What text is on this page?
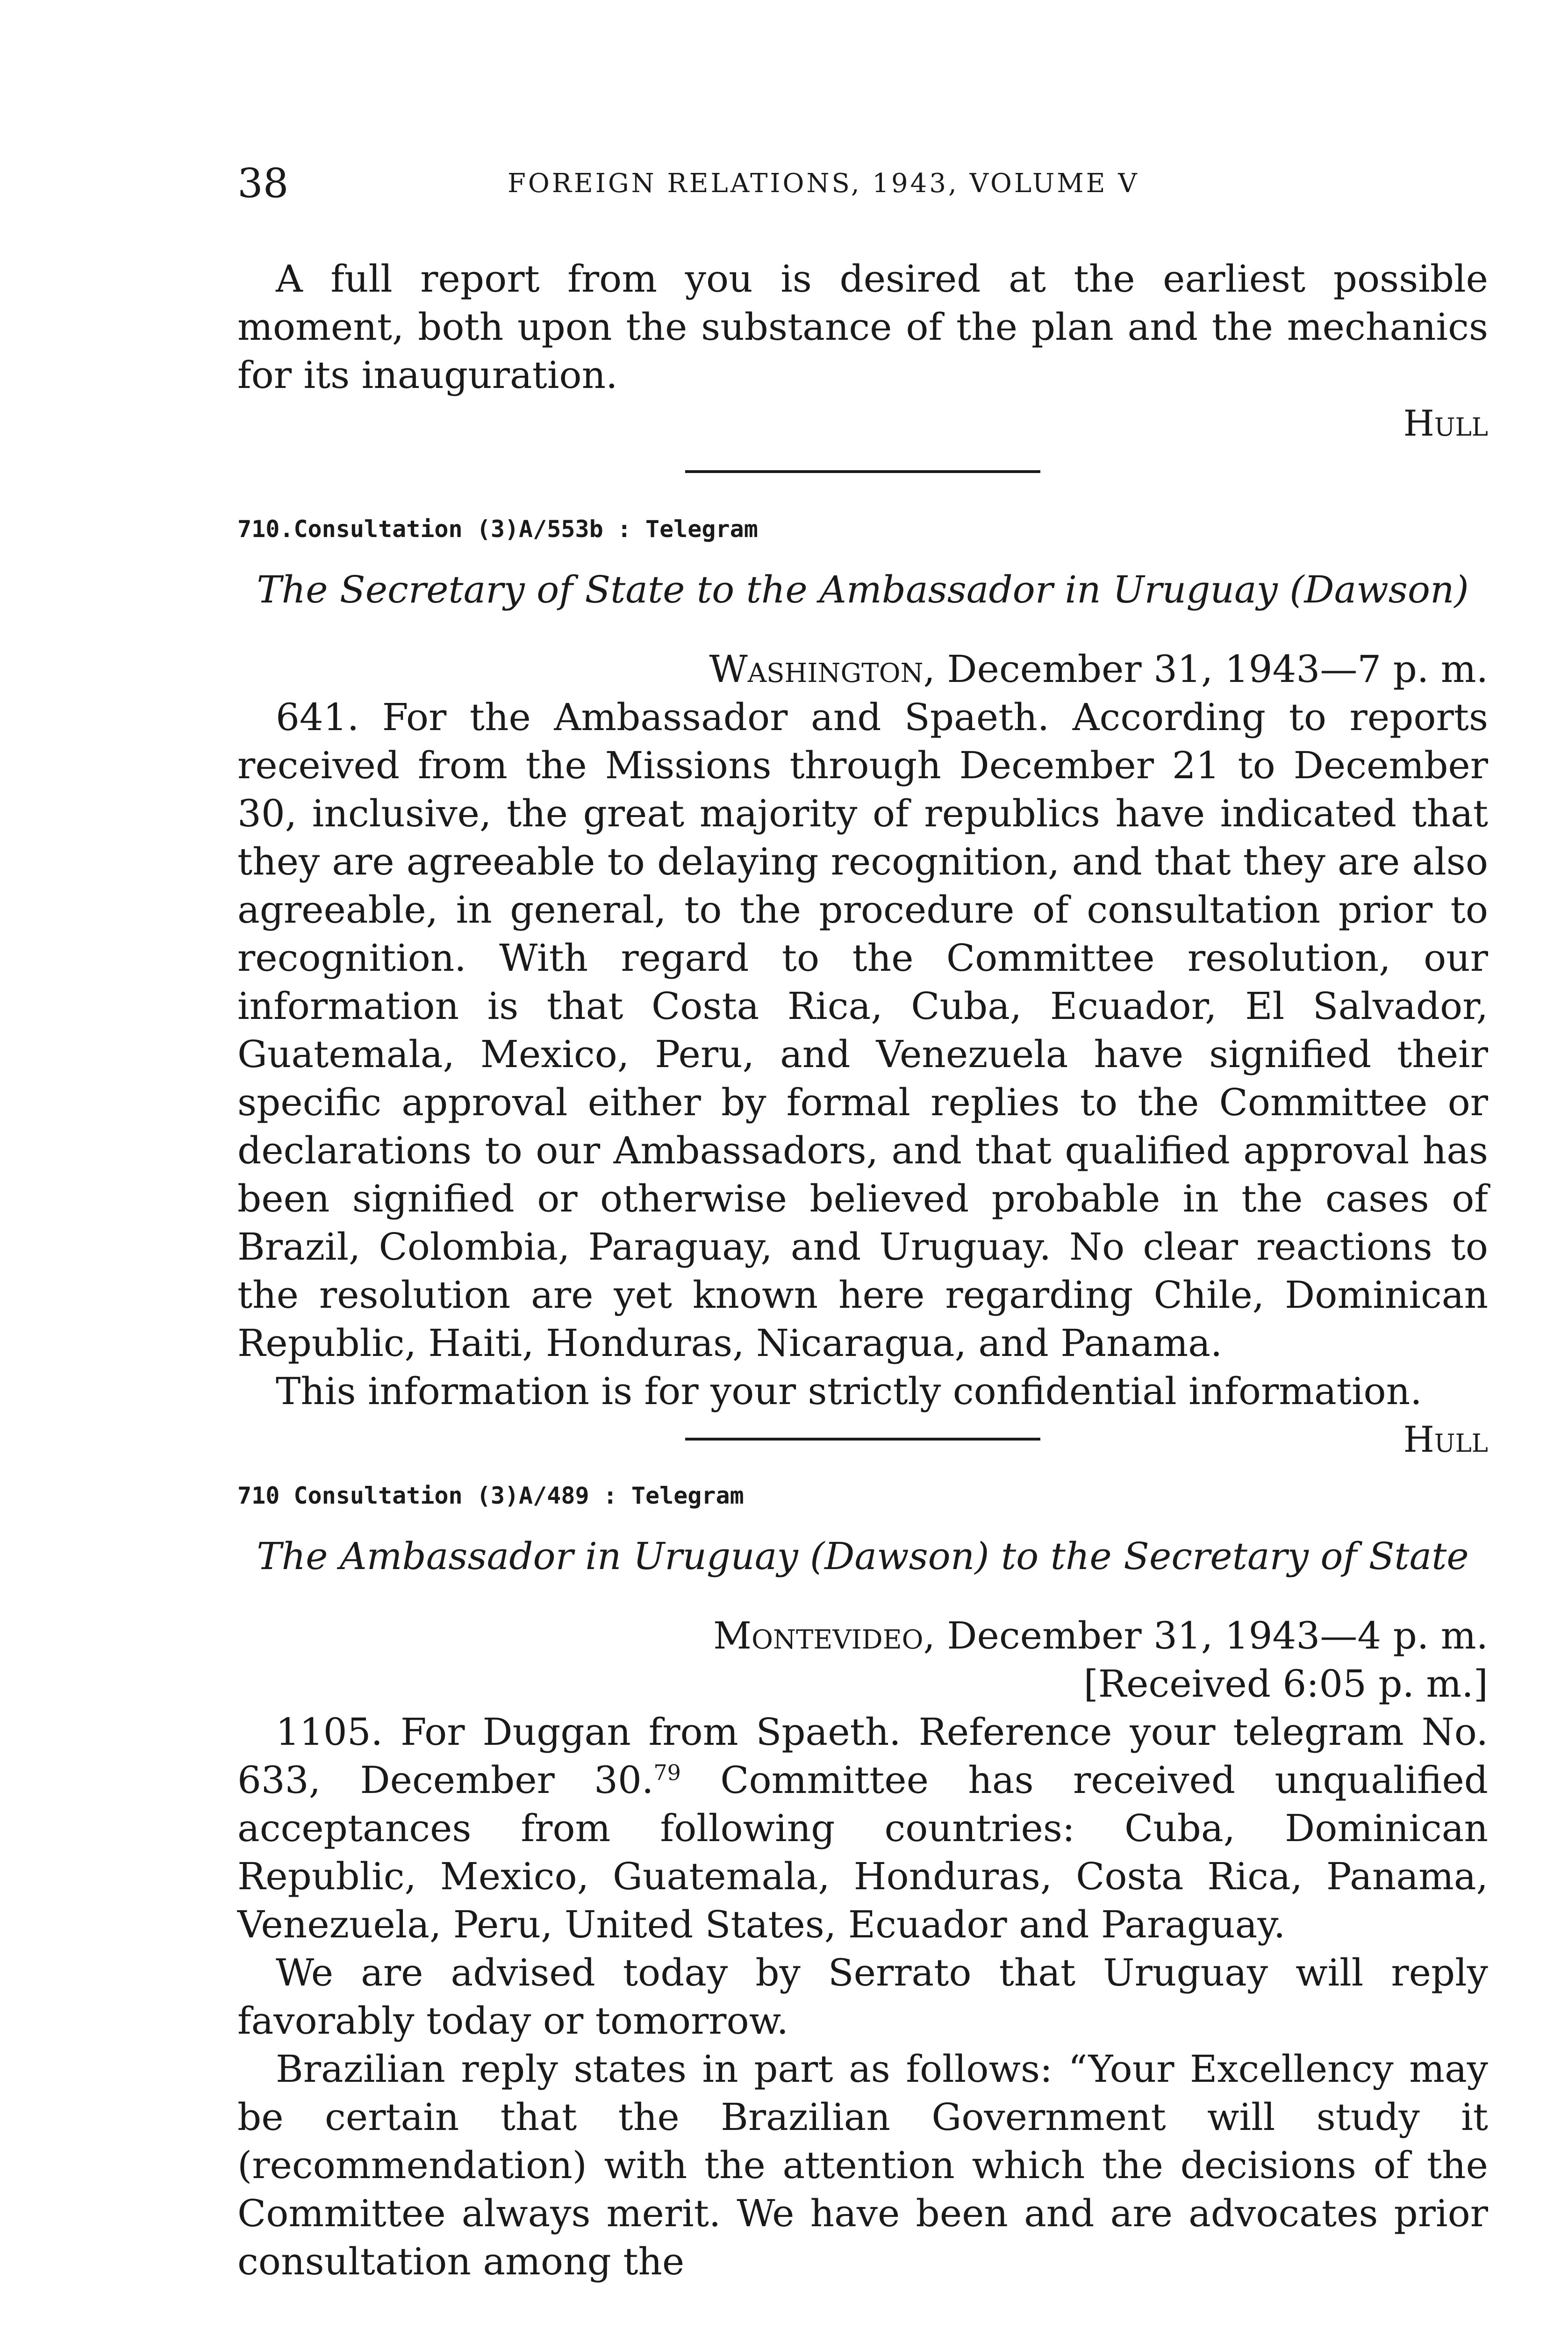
38	FOREIGN RELATIONS, 1943, VOLUME V

A full report from you is desired at the earliest possible moment, both upon the substance of the plan and the mechanics for its inauguration.

Hull
710.Consultation (3)A/553b : Telegram
The Secretary of State to the Ambassador in Uruguay (Dawson)
Washington, December 31, 1943—7 p. m.

641. For the Ambassador and Spaeth. According to reports received from the Missions through December 21 to December 30, inclusive, the great majority of republics have indicated that they are agreeable to delaying recognition, and that they are also agreeable, in general, to the procedure of consultation prior to recognition. With regard to the Committee resolution, our information is that Costa Rica, Cuba, Ecuador, El Salvador, Guatemala, Mexico, Peru, and Venezuela have signified their specific approval either by formal replies to the Committee or declarations to our Ambassadors, and that qualified approval has been signified or otherwise believed probable in the cases of Brazil, Colombia, Paraguay, and Uruguay. No clear reactions to the resolution are yet known here regarding Chile, Dominican Republic, Haiti, Honduras, Nicaragua, and Panama.

This information is for your strictly confidential information.

Hull
710 Consultation (3)A/489 : Telegram
The Ambassador in Uruguay (Dawson) to the Secretary of State
Montevideo, December 31, 1943—4 p. m.
[Received 6:05 p. m.]

1105. For Duggan from Spaeth. Reference your telegram No. 633, December 30.79 Committee has received unqualified acceptances from following countries: Cuba, Dominican Republic, Mexico, Guatemala, Honduras, Costa Rica, Panama, Venezuela, Peru, United States, Ecuador and Paraguay.

We are advised today by Serrato that Uruguay will reply favorably today or tomorrow.

Brazilian reply states in part as follows: “Your Excellency may be certain that the Brazilian Government will study it (recommendation) with the attention which the decisions of the Committee always merit. We have been and are advocates prior consultation among the
